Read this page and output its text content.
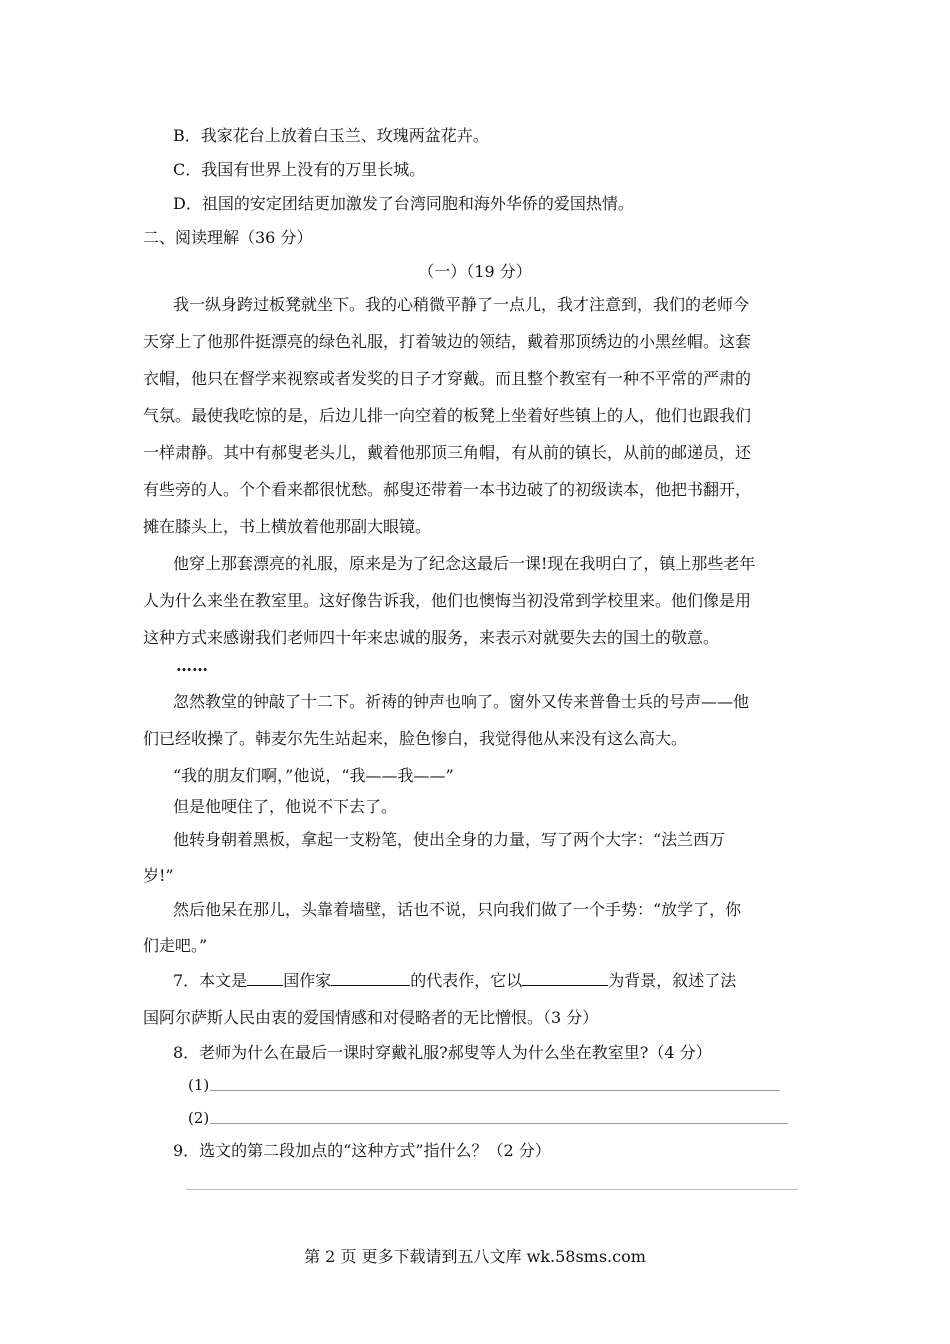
B．我家花台上放着白玉兰、玫瑰两盆花卉。
C．我国有世界上没有的万里长城。
D．祖国的安定团结更加激发了台湾同胞和海外华侨的爱国热情。
二、阅读理解（36 分）
（一）（19 分）
我一纵身跨过板凳就坐下。我的心稍微平静了一点儿，我才注意到，我们的老师今
天穿上了他那件挺漂亮的绿色礼服，打着皱边的领结，戴着那顶绣边的小黑丝帽。这套
衣帽，他只在督学来视察或者发奖的日子才穿戴。而且整个教室有一种不平常的严肃的
气氛。最使我吃惊的是，后边儿排一向空着的板凳上坐着好些镇上的人，他们也跟我们
一样肃静。其中有郝叟老头儿，戴着他那顶三角帽，有从前的镇长，从前的邮递员，还
有些旁的人。个个看来都很忧愁。郝叟还带着一本书边破了的初级读本，他把书翻开，
摊在膝头上，书上横放着他那副大眼镜。
他穿上那套漂亮的礼服，原来是为了纪念这最后一课!现在我明白了，镇上那些老年
人为什么来坐在教室里。这好像告诉我，他们也懊悔当初没常到学校里来。他们像是用
这种方式来感谢我们老师四十年来忠诚的服务，来表示对就要失去的国土的敬意。
……
忽然教堂的钟敲了十二下。祈祷的钟声也响了。窗外又传来普鲁士兵的号声——他
们已经收操了。韩麦尔先生站起来，脸色惨白，我觉得他从来没有这么高大。
“我的朋友们啊，”他说，“我——我——”
但是他哽住了，他说不下去了。
他转身朝着黑板，拿起一支粉笔，使出全身的力量，写了两个大字：“法兰西万
岁!”
然后他呆在那儿，头靠着墙壁，话也不说，只向我们做了一个手势：“放学了，你
们走吧。”
7．本文是 国作家	的代表作，它以	为背景，叙述了法
国阿尔萨斯人民由衷的爱国情感和对侵略者的无比憎恨。（3 分）
8．老师为什么在最后一课时穿戴礼服?郝叟等人为什么坐在教室里?（4 分）
(1)
(2)
9．选文的第二段加点的“这种方式”指什么？（2 分）
第 2 页 更多下载请到五八文库 wk.58sms.com
